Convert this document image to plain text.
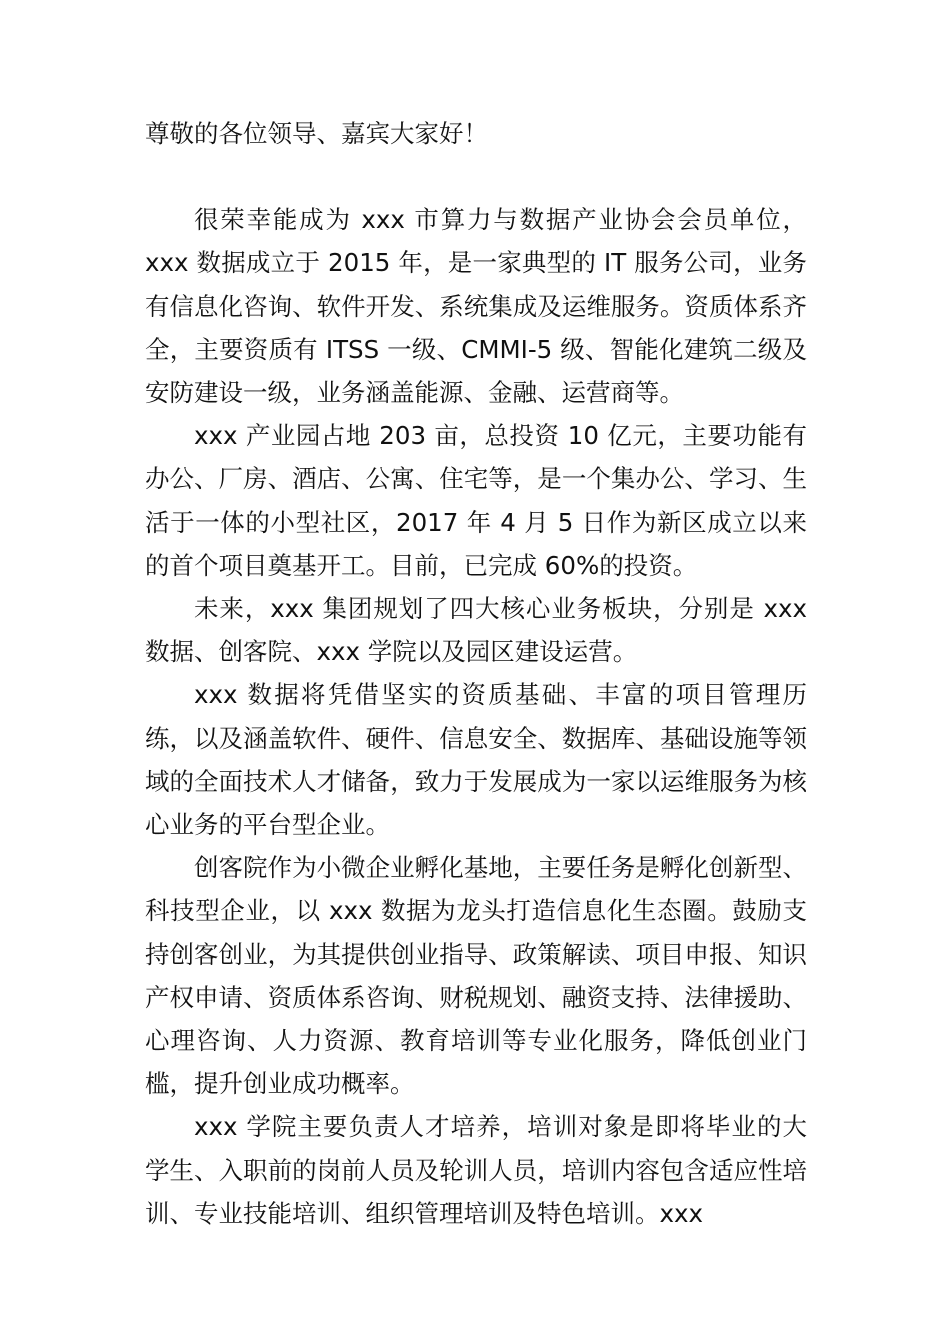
尊敬的各位领导、嘉宾大家好！

很荣幸能成为 xxx 市算力与数据产业协会会员单位，xxx 数据成立于 2015 年，是一家典型的 IT 服务公司，业务有信息化咨询、软件开发、系统集成及运维服务。资质体系齐全，主要资质有 ITSS 一级、CMMI-5 级、智能化建筑二级及安防建设一级，业务涵盖能源、金融、运营商等。

xxx 产业园占地 203 亩，总投资 10 亿元，主要功能有办公、厂房、酒店、公寓、住宅等，是一个集办公、学习、生活于一体的小型社区，2017 年 4 月 5 日作为新区成立以来的首个项目奠基开工。目前，已完成 60%的投资。

未来，xxx 集团规划了四大核心业务板块，分别是 xxx 数据、创客院、xxx 学院以及园区建设运营。

xxx 数据将凭借坚实的资质基础、丰富的项目管理历练，以及涵盖软件、硬件、信息安全、数据库、基础设施等领域的全面技术人才储备，致力于发展成为一家以运维服务为核心业务的平台型企业。

创客院作为小微企业孵化基地，主要任务是孵化创新型、科技型企业，以 xxx 数据为龙头打造信息化生态圈。鼓励支持创客创业，为其提供创业指导、政策解读、项目申报、知识产权申请、资质体系咨询、财税规划、融资支持、法律援助、心理咨询、人力资源、教育培训等专业化服务，降低创业门槛，提升创业成功概率。

xxx 学院主要负责人才培养，培训对象是即将毕业的大学生、入职前的岗前人员及轮训人员，培训内容包含适应性培训、专业技能培训、组织管理培训及特色培训。xxx
